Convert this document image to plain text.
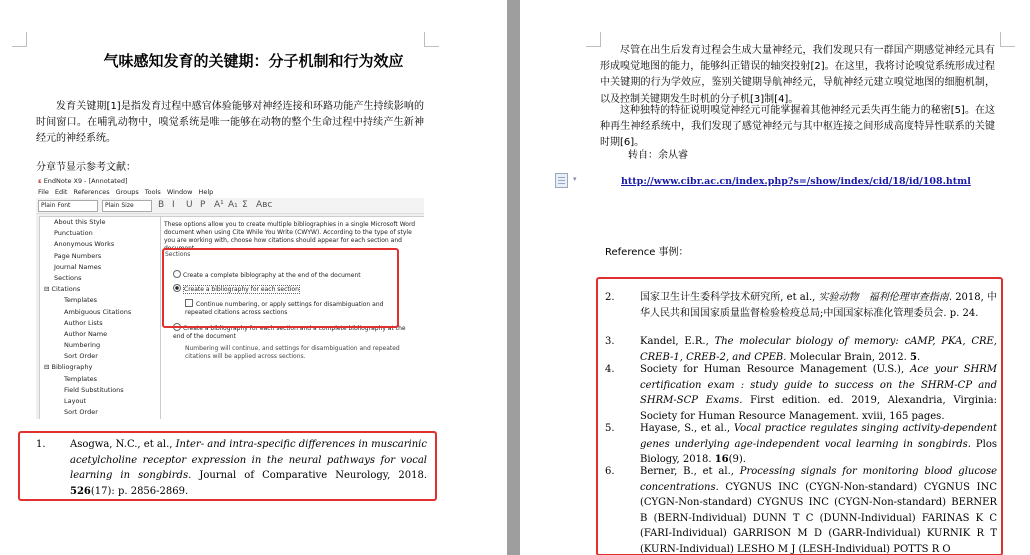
气味感知发育的关键期：分子机制和行为效应

发育关键期[1]是指发育过程中感官体验能够对神经连接和环路功能产生持续影响的时间窗口。在哺乳动物中，嗅觉系统是唯一能够在动物的整个生命过程中持续产生新神经元的神经系统。

分章节显示参考文献：
ɛ EndNote X9 - [Annotated]
File Edit References Groups Tools Window Help
Plain Font	Plain Size	B I U P A¹ A₁ Σ Aʙᴄ
About this Style
Punctuation
Anonymous Works
Page Numbers
Journal Names
Sections
⊟ Citations
Templates
Ambiguous Citations
Author Lists
Author Name
Numbering
Sort Order
⊟ Bibliography
Templates
Field Substitutions
Layout
Sort Order
These options allow you to create multiple bibliographies in a single Microsoft Word document when using Cite While You Write (CWYW). According to the type of style you are working with, choose how citations should appear for each section and document.
Sections
Create a complete biblography at the end of the document
Create a bibliography for each section
Continue numbering, or apply settings for disambiguation and repeated citations across sections
Create a bibliography for each section and a complete bibliography at the end of the document
Numbering will continue, and settings for disambiguation and repeated citations will be applied across sections.
1. Asogwa, N.C., et al., Inter- and intra-specific differences in muscarinic acetylcholine receptor expression in the neural pathways for vocal learning in songbirds. Journal of Comparative Neurology, 2018. 526(17): p. 2856-2869.

尽管在出生后发育过程会生成大量神经元，我们发现只有一群国产期感觉神经元具有形成嗅觉地图的能力，能够纠正错误的轴突投射[2]。在这里，我将讨论嗅觉系统形成过程中关键期的行为学效应，鉴别关键期导航神经元，导航神经元建立嗅觉地图的细胞机制，以及控制关键期发生时机的分子机[3]制[4]。

这种独特的特征说明嗅觉神经元可能掌握着其他神经元丢失再生能力的秘密[5]。在这种再生神经系统中，我们发现了感觉神经元与其中枢连接之间形成高度特异性联系的关键时期[6]。

转自：余从睿
Reference 事例：
2.	国家卫生计生委科学技术研究所, et al., 实验动物　福利伦理审查指南. 2018, 中华人民共和国国家质量监督检验检疫总局;中国国家标准化管理委员会. p. 24.
3.	Kandel, E.R., The molecular biology of memory: cAMP, PKA, CRE, CREB-1, CREB-2, and CPEB. Molecular Brain, 2012. 5.
4.	Society for Human Resource Management (U.S.), Ace your SHRM certification exam : study guide to success on the SHRM-CP and SHRM-SCP Exams. First edition. ed. 2019, Alexandria, Virginia: Society for Human Resource Management. xviii, 165 pages.
5.	Hayase, S., et al., Vocal practice regulates singing activity-dependent genes underlying age-independent vocal learning in songbirds. Plos Biology, 2018. 16(9).
6.	Berner, B., et al., Processing signals for monitoring blood glucose concentrations. CYGNUS INC (CYGN-Non-standard) CYGNUS INC (CYGN-Non-standard) CYGNUS INC (CYGN-Non-standard) BERNER B (BERN-Individual) DUNN T C (DUNN-Individual) FARINAS K C (FARI-Individual) GARRISON M D (GARR-Individual) KURNIK R T (KURN-Individual) LESHO M J (LESH-Individual) POTTS R O
▾	http://www.cibr.ac.cn/index.php?s=/show/index/cid/18/id/108.html
